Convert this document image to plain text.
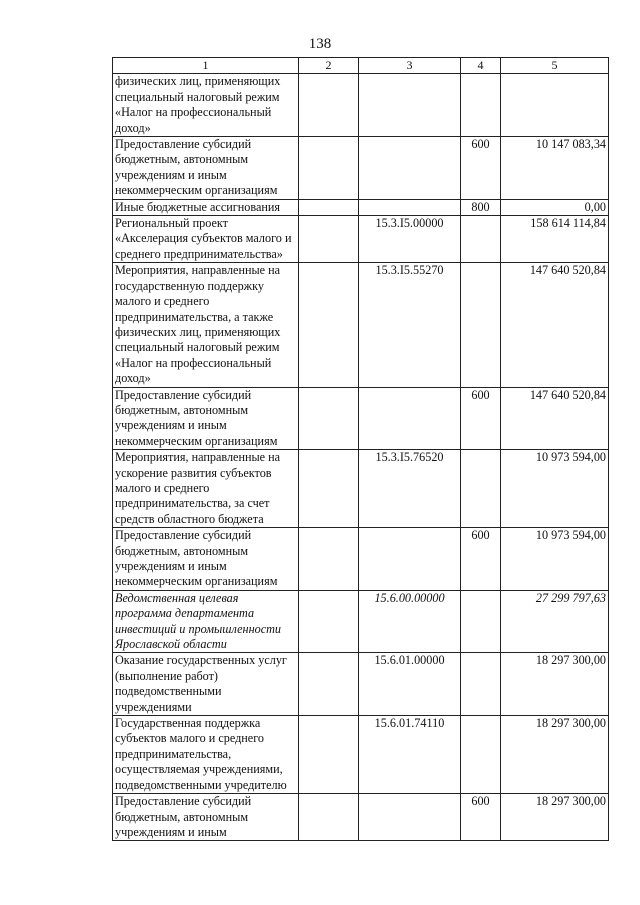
138
1	2	3	4	5
физических лиц, применяющих специальный налоговый режим «Налог на профессиональный доход»				
Предоставление субсидий бюджетным, автономным учреждениям и иным некоммерческим организациям			600	10 147 083,34
Иные бюджетные ассигнования			800	0,00
Региональный проект «Акселерация субъектов малого и среднего предпринимательства»		15.3.I5.00000		158 614 114,84
Мероприятия, направленные на государственную поддержку малого и среднего предпринимательства, а также физических лиц, применяющих специальный налоговый режим «Налог на профессиональный доход»		15.3.I5.55270		147 640 520,84
Предоставление субсидий бюджетным, автономным учреждениям и иным некоммерческим организациям			600	147 640 520,84
Мероприятия, направленные на ускорение развития субъектов малого и среднего предпринимательства, за счет средств областного бюджета		15.3.I5.76520		10 973 594,00
Предоставление субсидий бюджетным, автономным учреждениям и иным некоммерческим организациям			600	10 973 594,00
Ведомственная целевая программа департамента инвестиций и промышленности Ярославской области		15.6.00.00000		27 299 797,63
Оказание государственных услуг (выполнение работ) подведомственными учреждениями		15.6.01.00000		18 297 300,00
Государственная поддержка субъектов малого и среднего предпринимательства, осуществляемая учреждениями, подведомственными учредителю		15.6.01.74110		18 297 300,00
Предоставление субсидий бюджетным, автономным учреждениям и иным			600	18 297 300,00
